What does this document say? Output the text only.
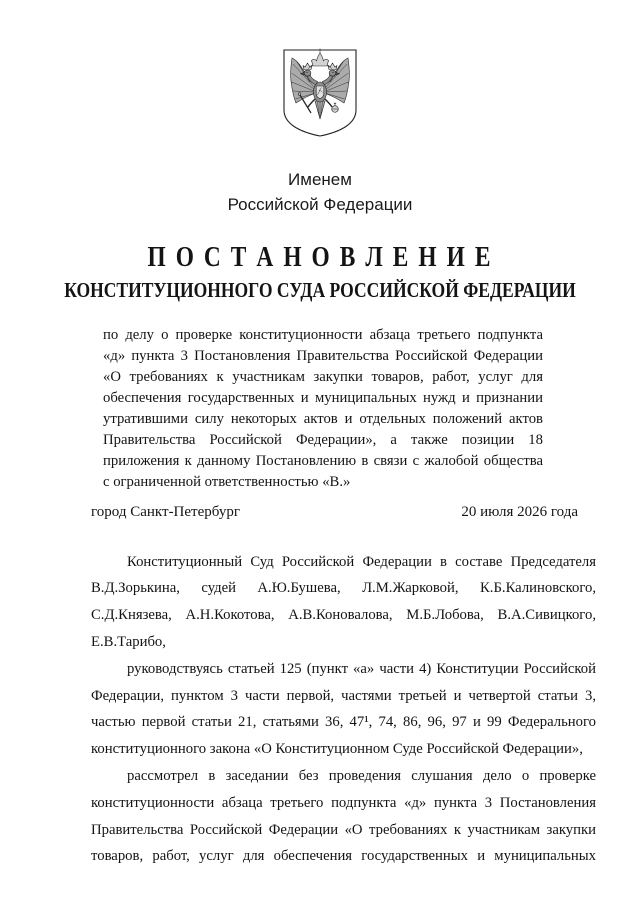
Именем
Российской Федерации
П О С Т А Н О В Л Е Н И Е
КОНСТИТУЦИОННОГО СУДА РОССИЙСКОЙ ФЕДЕРАЦИИ
по делу о проверке конституционности абзаца третьего подпункта
«д» пункта 3 Постановления Правительства Российской Федерации
«О требованиях к участникам закупки товаров, работ, услуг для
обеспечения государственных и муниципальных нужд и признании
утратившими силу некоторых актов и отдельных положений актов
Правительства Российской Федерации», а также позиции 18
приложения к данному Постановлению в связи с жалобой общества
с ограниченной ответственностью «В.»
город Санкт-Петербург	20 июля 2026 года
Конституционный Суд Российской Федерации в составе Председателя
В.Д.Зорькина, судей А.Ю.Бушева, Л.М.Жарковой, К.Б.Калиновского,
С.Д.Князева, А.Н.Кокотова, А.В.Коновалова, М.Б.Лобова, В.А.Сивицкого,
Е.В.Тарибо,
руководствуясь статьей 125 (пункт «а» части 4) Конституции Российской
Федерации, пунктом 3 части первой, частями третьей и четвертой статьи 3,
частью первой статьи 21, статьями 36, 47¹, 74, 86, 96, 97 и 99 Федерального
конституционного закона «О Конституционном Суде Российской Федерации»,
рассмотрел в заседании без проведения слушания дело о проверке
конституционности абзаца третьего подпункта «д» пункта 3 Постановления
Правительства Российской Федерации «О требованиях к участникам закупки
товаров, работ, услуг для обеспечения государственных и муниципальных
